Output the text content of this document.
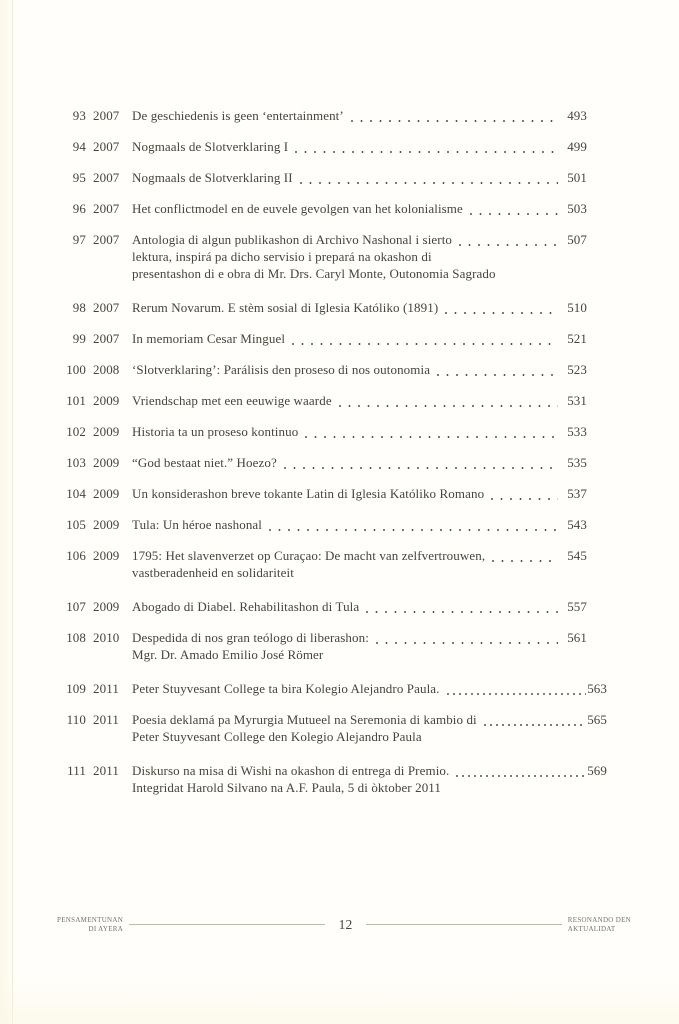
93 2007 De geschiedenis is geen ‘entertainment’	493
94 2007 Nogmaals de Slotverklaring I	499
95 2007 Nogmaals de Slotverklaring II	501
96 2007 Het conflictmodel en de euvele gevolgen van het kolonialisme	503
97 2007 Antologia di algun publikashon di Archivo Nashonal i sierto	507
lektura, inspirá pa dicho servisio i prepará na okashon di
presentashon di e obra di Mr. Drs. Caryl Monte, Outonomia Sagrado
98 2007 Rerum Novarum. E stèm sosial di Iglesia Katóliko (1891)	510
99 2007 In memoriam Cesar Minguel	521
100 2008 ‘Slotverklaring’: Parálisis den proseso di nos outonomia	523
101 2009 Vriendschap met een eeuwige waarde	531
102 2009 Historia ta un proseso kontinuo	533
103 2009 “God bestaat niet.” Hoezo?	535
104 2009 Un konsiderashon breve tokante Latin di Iglesia Katóliko Romano	537
105 2009 Tula: Un héroe nashonal	543
106 2009 1795: Het slavenverzet op Curaçao: De macht van zelfvertrouwen,	545
vastberadenheid en solidariteit
107 2009 Abogado di Diabel. Rehabilitashon di Tula	557
108 2010 Despedida di nos gran teólogo di liberashon:	561
Mgr. Dr. Amado Emilio José Römer
109 2011	Peter Stuyvesant College ta bira Kolegio Alejandro Paula.	563
110 2011	Poesia deklamá pa Myrurgia Mutueel na Seremonia di kambio di	565
Peter Stuyvesant College den Kolegio Alejandro Paula
111 2011	Diskurso na misa di Wishi na okashon di entrega di Premio.	569
Integridat Harold Silvano na A.F. Paula, 5 di òktober 2011
PENSAMENTUNAN
DI AYERA	12	RESONANDO DEN
AKTUALIDAT
